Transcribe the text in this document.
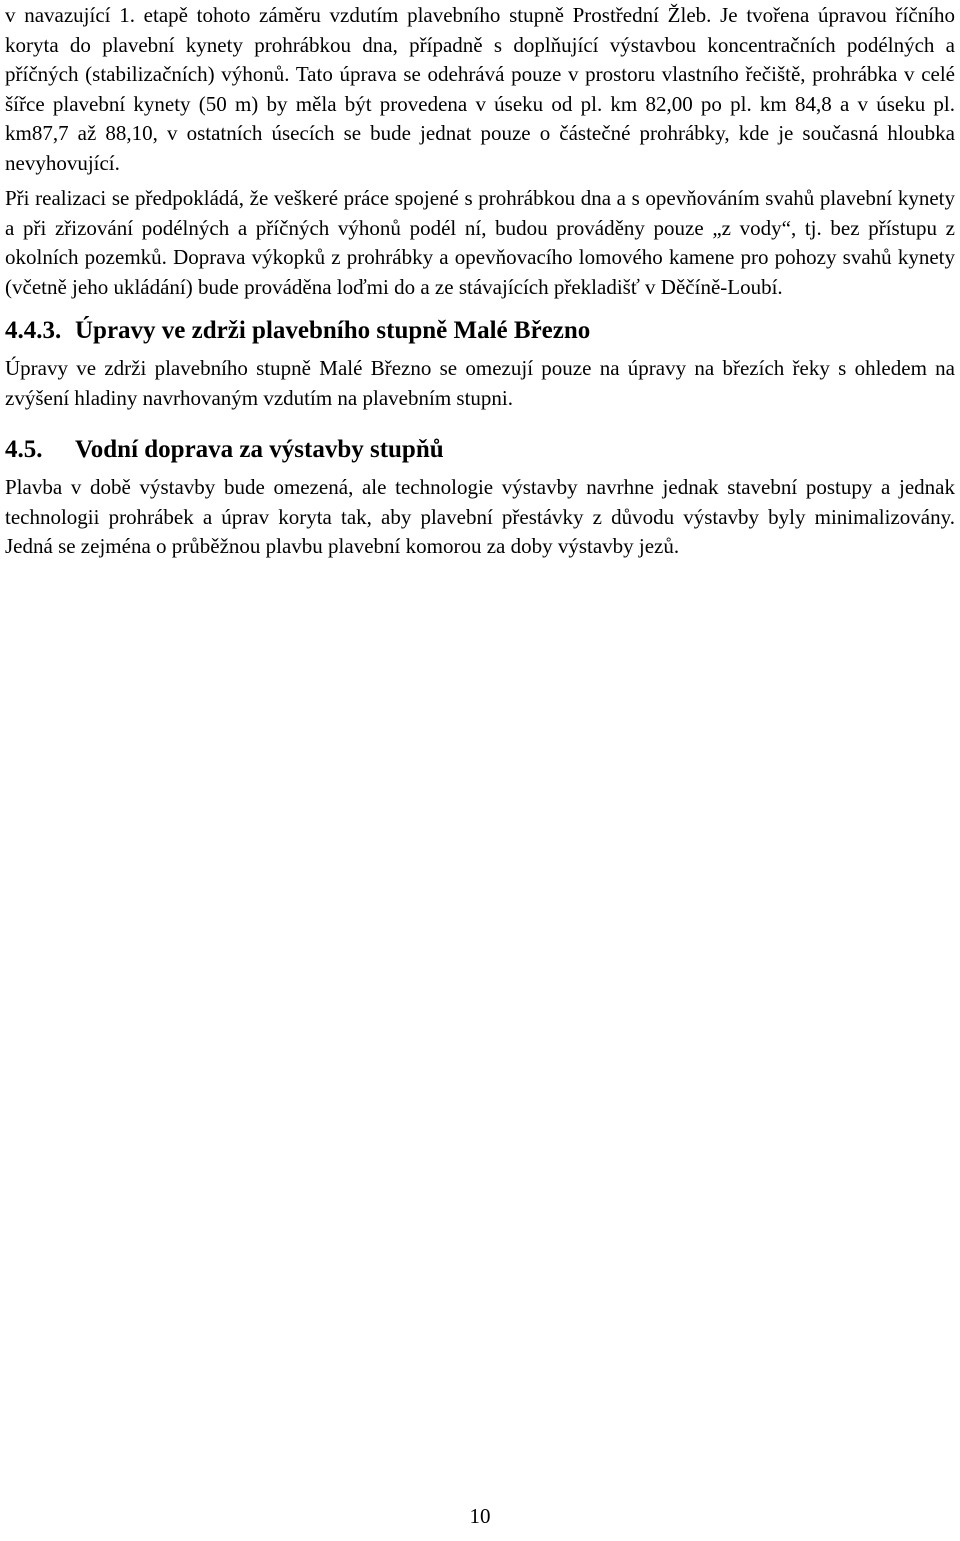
v navazující 1. etapě tohoto záměru vzdutím plavebního stupně Prostřední Žleb. Je tvořena úpravou říčního koryta do plavební kynety prohrábkou dna, případně s doplňující výstavbou koncentračních podélných a příčných (stabilizačních) výhonů. Tato úprava se odehrává pouze v prostoru vlastního řečiště, prohrábka v celé šířce plavební kynety (50 m) by měla být provedena v úseku od pl. km 82,00 po pl. km 84,8 a v úseku pl. km87,7 až 88,10, v ostatních úsecích se bude jednat pouze o částečné prohrábky, kde je současná hloubka nevyhovující.

Při realizaci se předpokládá, že veškeré práce spojené s prohrábkou dna a s opevňováním svahů plavební kynety a při zřizování podélných a příčných výhonů podél ní, budou prováděny pouze „z vody“, tj. bez přístupu z okolních pozemků. Doprava výkopků z prohrábky a opevňovacího lomového kamene pro pohozy svahů kynety (včetně jeho ukládání) bude prováděna loďmi do a ze stávajících překladišť v Děčíně-Loubí.

4.4.3. Úpravy ve zdrži plavebního stupně Malé Březno

Úpravy ve zdrži plavebního stupně Malé Březno se omezují pouze na úpravy na březích řeky s ohledem na zvýšení hladiny navrhovaným vzdutím na plavebním stupni.

4.5. Vodní doprava za výstavby stupňů

Plavba v době výstavby bude omezená, ale technologie výstavby navrhne jednak stavební postupy a jednak technologii prohrábek a úprav koryta tak, aby plavební přestávky z důvodu výstavby byly minimalizovány. Jedná se zejména o průběžnou plavbu plavební komorou za doby výstavby jezů.

10
